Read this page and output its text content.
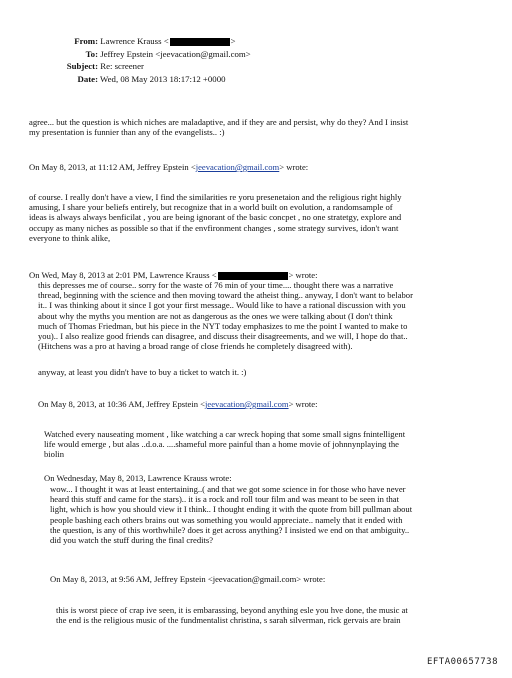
From: Lawrence Krauss <	>
To: Jeffrey Epstein <jeevacation@gmail.com>
Subject: Re: screener
Date: Wed, 08 May 2013 18:17:12 +0000

agree... but the question is which niches are maladaptive, and if they are and persist, why do they? And I insist

my presentation is funnier than any of the evangelists.. :)

On May 8, 2013, at 11:12 AM, Jeffrey Epstein <jeevacation@gmail.com> wrote:

of course. I really don't have a view, I find the similarities re yoru presenetaion and the religious right highly

amusing, I share your beliefs entirely, but recognize that in a world built on evolution, a randomsample of

ideas is always always benficilat , you are being ignorant of the basic concpet , no one stratetgy, explore and

occupy as many niches as possible so that if the envfironment changes , some strategy survives, idon't want

everyone to think alike,

On Wed, May 8, 2013 at 2:01 PM, Lawrence Krauss <	> wrote:

this depresses me of course.. sorry for the waste of 76 min of your time.... thought there was a narrative

thread, beginning with the science and then moving toward the atheist thing.. anyway, I don't want to belabor

it.. I was thinking about it since I got your first message.. Would like to have a rational discussion with you

about why the myths you mention are not as dangerous as the ones we were talking about (I don't think

much of Thomas Friedman, but his piece in the NYT today emphasizes to me the point I wanted to make to

you).. I also realize good friends can disagree, and discuss their disagreements, and we will, I hope do that..

(Hitchens was a pro at having a broad range of close friends he completely disagreed with).

anyway, at least you didn't have to buy a ticket to watch it. :)

On May 8, 2013, at 10:36 AM, Jeffrey Epstein <jeevacation@gmail.com> wrote:

Watched every nauseating moment , like watching a car wreck hoping that some small signs fnintelligent

life would emerge , but alas ..d.o.a. ....shameful more painful than a home movie of johnnynplaying the

biolin

On Wednesday, May 8, 2013, Lawrence Krauss wrote:

wow... I thought it was at least entertaining..( and that we got some science in for those who have never

heard this stuff and came for the stars).. it is a rock and roll tour film and was meant to be seen in that

light, which is how you should view it I think.. I thought ending it with the quote from bill pullman about

people bashing each others brains out was something you would appreciate.. namely that it ended with

the question, is any of this worthwhile? does it get across anything? I insisted we end on that ambiguity..

did you watch the stuff during the final credits?

On May 8, 2013, at 9:56 AM, Jeffrey Epstein <jeevacation@gmail.com> wrote:

this is worst piece of crap ive seen, it is embarassing, beyond anything esle you hve done, the music at

the end is the religious music of the fundmentalist christina, s sarah silverman, rick gervais are brain

EFTA00657738
